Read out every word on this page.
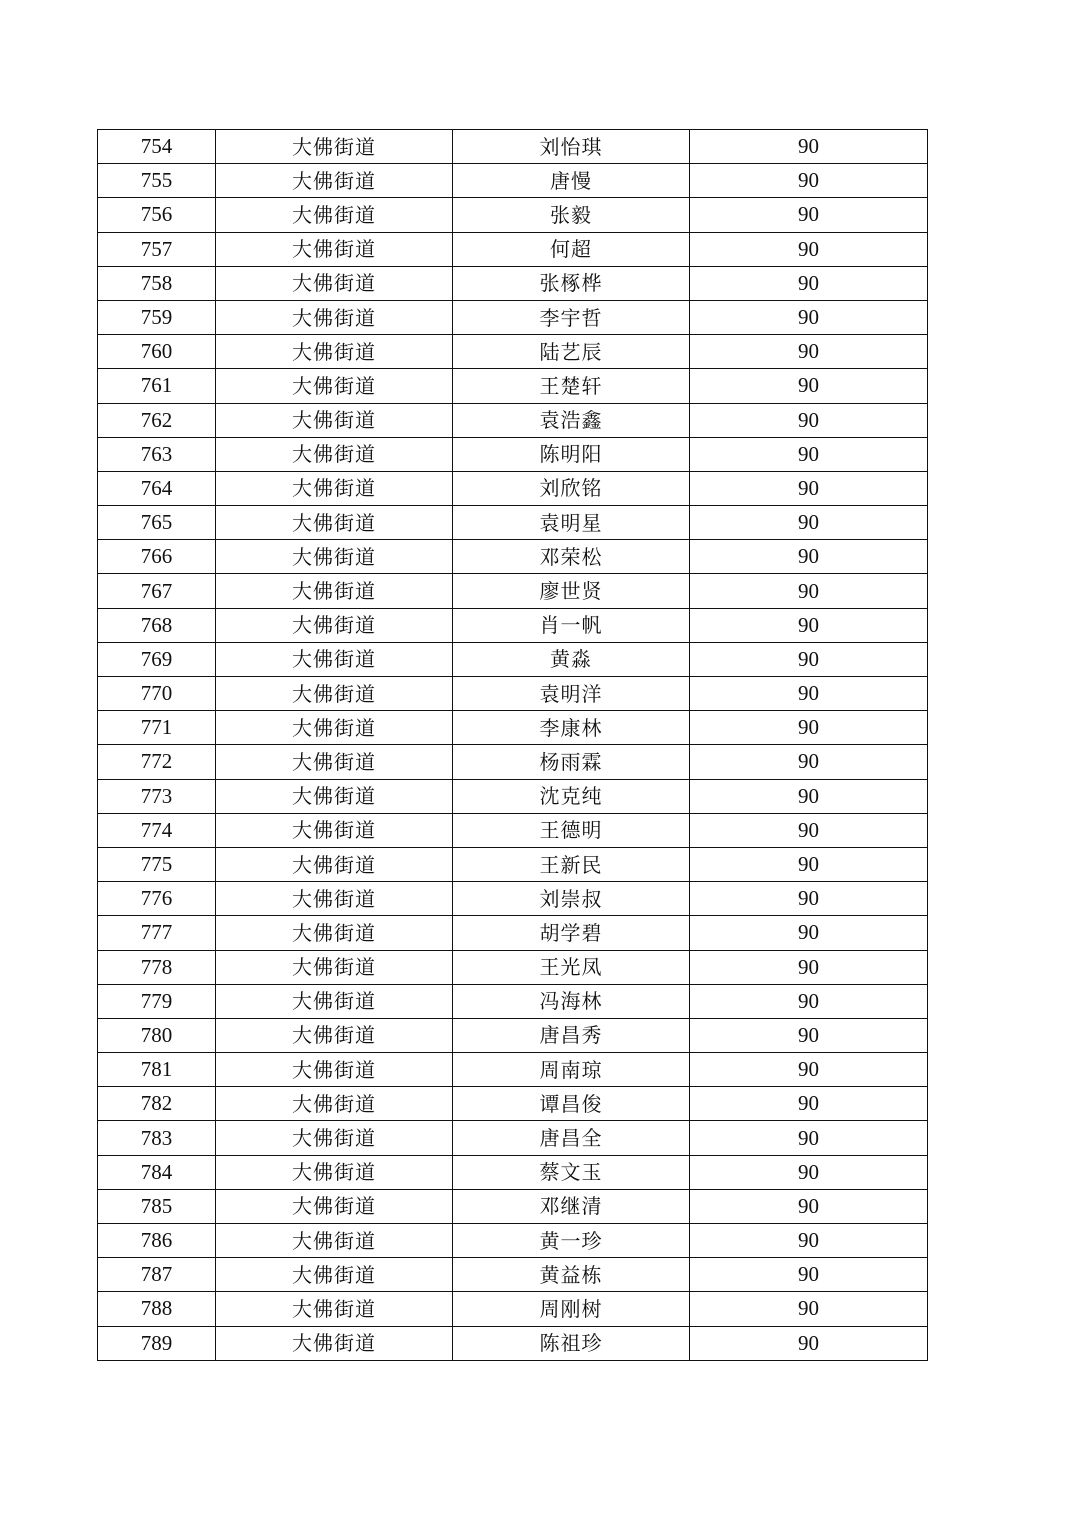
754	大佛街道	刘怡琪	90
755	大佛街道	唐慢	90
756	大佛街道	张毅	90
757	大佛街道	何超	90
758	大佛街道	张椓桦	90
759	大佛街道	李宇哲	90
760	大佛街道	陆艺辰	90
761	大佛街道	王楚轩	90
762	大佛街道	袁浩鑫	90
763	大佛街道	陈明阳	90
764	大佛街道	刘欣铭	90
765	大佛街道	袁明星	90
766	大佛街道	邓荣松	90
767	大佛街道	廖世贤	90
768	大佛街道	肖一帆	90
769	大佛街道	黄淼	90
770	大佛街道	袁明洋	90
771	大佛街道	李康林	90
772	大佛街道	杨雨霖	90
773	大佛街道	沈克纯	90
774	大佛街道	王德明	90
775	大佛街道	王新民	90
776	大佛街道	刘崇叔	90
777	大佛街道	胡学碧	90
778	大佛街道	王光凤	90
779	大佛街道	冯海林	90
780	大佛街道	唐昌秀	90
781	大佛街道	周南琼	90
782	大佛街道	谭昌俊	90
783	大佛街道	唐昌全	90
784	大佛街道	蔡文玉	90
785	大佛街道	邓继清	90
786	大佛街道	黄一珍	90
787	大佛街道	黄益栋	90
788	大佛街道	周刚树	90
789	大佛街道	陈祖珍	90
